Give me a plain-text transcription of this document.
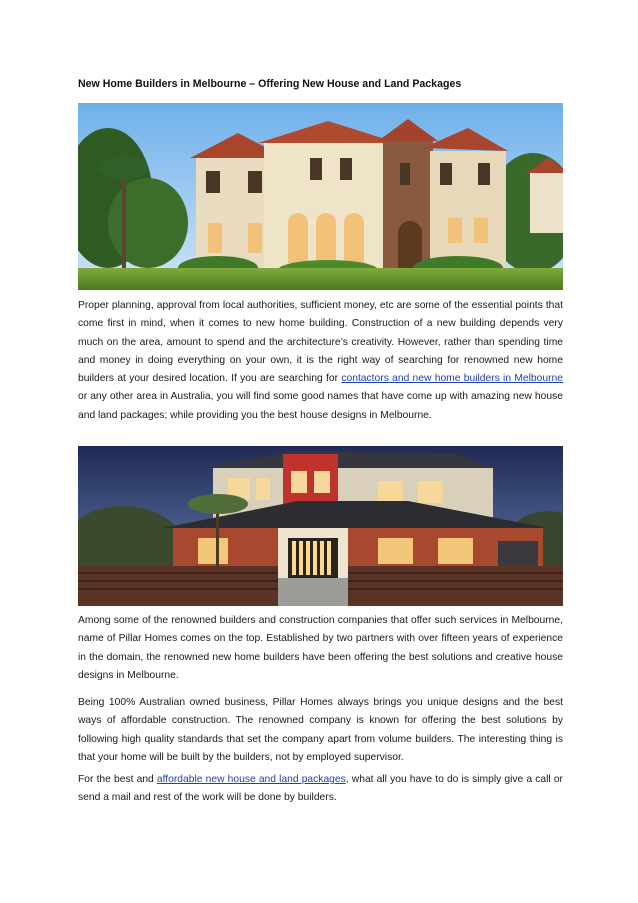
New Home Builders in Melbourne – Offering New House and Land Packages

Proper planning, approval from local authorities, sufficient money, etc are some of the essential points that come first in mind, when it comes to new home building. Construction of a new building depends very much on the area, amount to spend and the architecture’s creativity. However, rather than spending time and money in doing everything on your own, it is the right way of searching for renowned new home builders at your desired location. If you are searching for contactors and new home builders in Melbourne or any other area in Australia, you will find some good names that have come up with amazing new house and land packages; while providing you the best house designs in Melbourne.

Among some of the renowned builders and construction companies that offer such services in Melbourne, name of Pillar Homes comes on the top. Established by two partners with over fifteen years of experience in the domain, the renowned new home builders have been offering the best solutions and creative house designs in Melbourne.

Being 100% Australian owned business, Pillar Homes always brings you unique designs and the best ways of affordable construction. The renowned company is known for offering the best solutions by following high quality standards that set the company apart from volume builders. The interesting thing is that your home will be built by the builders, not by employed supervisor.

For the best and affordable new house and land packages, what all you have to do is simply give a call or send a mail and rest of the work will be done by builders.
